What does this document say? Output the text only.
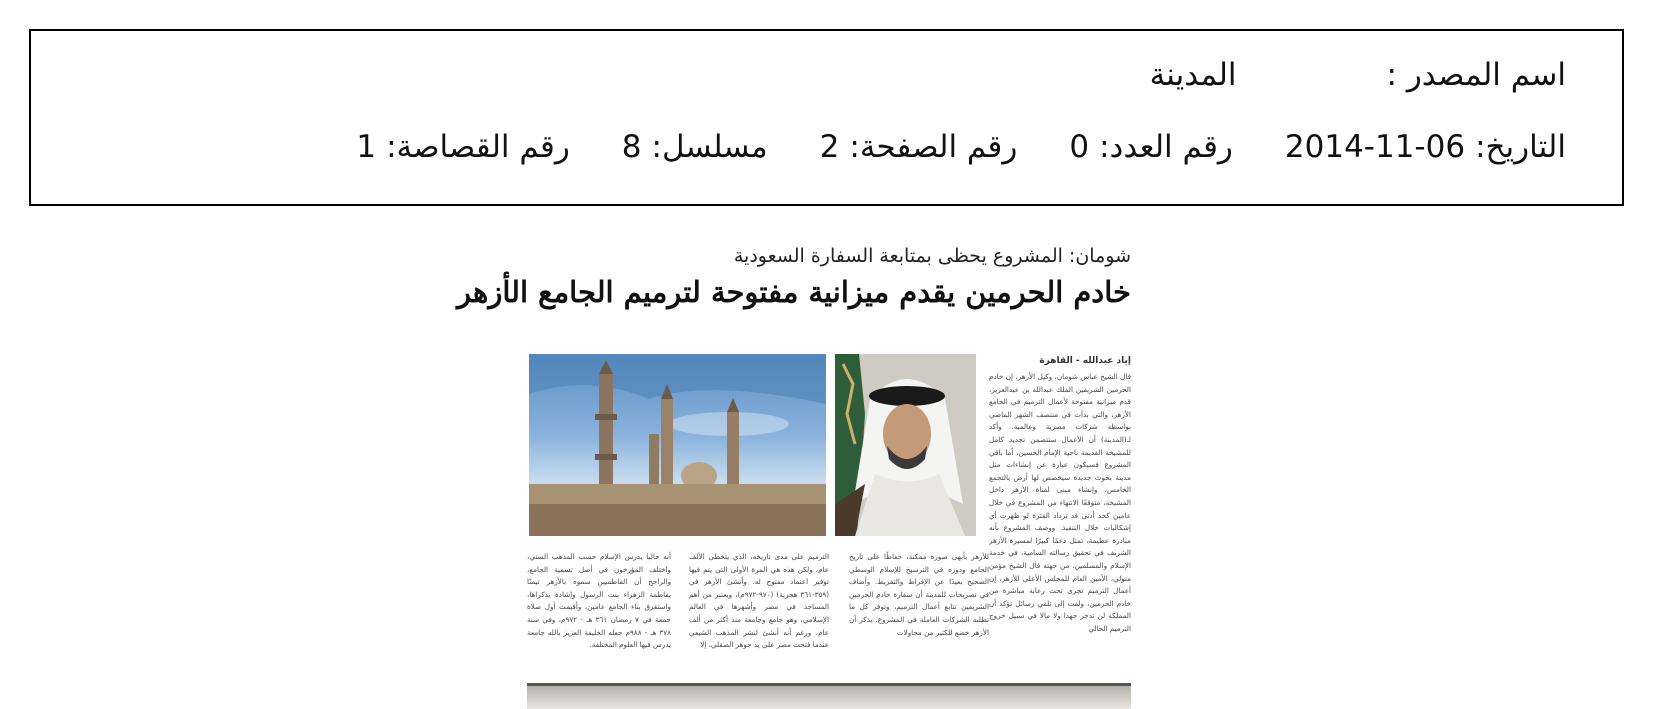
اسم المصدر :
المدينة
التاريخ:
2014-11-06
رقم العدد:
0
رقم الصفحة:
2
مسلسل:
8
رقم القصاصة:
1
شومان: المشروع يحظى بمتابعة السفارة السعودية
خادم الحرمين يقدم ميزانية مفتوحة لترميم الجامع الأزهر
إياد عبدالله - القاهرة
قال الشيخ عباس شومان، وكيل الأزهر، إن خادم الحرمين الشريفين الملك عبدالله بن عبدالعزيز، قدم ميزانية مفتوحة لأعمال الترميم في الجامع الأزهر، والتي بدأت في منتصف الشهر الماضي بواسطة شركات مصرية وعالمية. وأكد لـ(المدينة) أن الأعمال ستتضمن تجديد كامل للمشيخة القديمة ناحية الإمام الحسين، أما باقي المشروع فسيكون عبارة عن إنشاءات مثل مدينة بحوث جديدة سيخصص لها أرض بالتجمع الخامس، وإنشاء مبنى لقناة الأزهر داخل المشيخة، متوقعًا الانتهاء من المشروع في خلال عامين كحد أدنى قد تزداد الفترة لو ظهرت أي إشكاليات خلال التنفيذ. ووصف المشروع بأنه مبادرة عظيمة، تمثل دعمًا كبيرًا لمسيرة الأزهر الشريف في تحقيق رسالته السامية، في خدمة الإسلام والمسلمين. من جهته قال الشيخ مؤمن متولي، الأمين العام للمجلس الأعلى للأزهر، إن أعمال الترميم تجرى تحت رعاية مباشرة من خادم الحرمين، ولفت إلى تلقي رسائل تؤكد أن المملكة لن تدخر جهدا ولا مالا في سبيل خروج الترميم الحالي
للأزهر بأبهى صورة ممكنة، حفاظًا على تاريخ الجامع ودوره في الترسيخ للإسلام الوسطي الصحيح بعيدًا عن الإفراط والتفريط. وأضاف في تصريحات للمدينة أن سفارة خادم الحرمين الشريفين تتابع أعمال الترميم، وتوفر كل ما تطلبه الشركات العاملة في المشروع. يذكر أن الأزهر خضع للكثير من محاولات
الترميم على مدى تاريخه، الذي يتخطى الألف عام، ولكن هذه هي المرة الأولى التي يتم فيها توفير اعتماد مفتوح له. وأنشئ الأزهر في (٣٥٩-٣٦١ هجرية) (٩٧٠-٩٧٢م)، ويعتبر من أهم المساجد في مصر وأشهرها في العالم الإسلامي، وهو جامع وجامعة منذ أكثر من ألف عام، ورغم أنه أنشئ لنشر المذهب الشيعي عندما فتحت مصر على يد جوهر الصقلي، إلا
أنه حاليا يدرس الإسلام حسب المذهب السني، واختلف المؤرخون في أصل تسمية الجامع، والراجح أن الفاطميين سموه بالأزهر تيمنًا بفاطمة الزهراء بنت الرسول وإشادة بذكراها، واستغرق بناء الجامع عامين، وأقيمت أول صلاة جمعة في ٧ رمضان ٣٦١ هـ - ٩٧٢م، وفي سنة ٣٧٨ هـ - ٩٨٨م جعله الخليفة العزيز بالله جامعة يدرس فيها العلوم المختلفة.
